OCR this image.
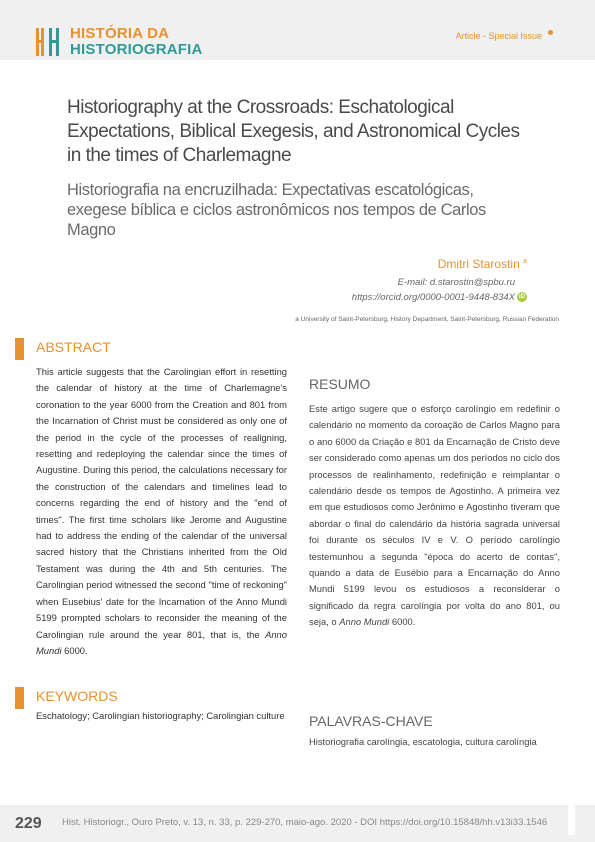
HISTÓRIA DA
HISTORIOGRAFIA
Article - Special Issue
Historiography at the Crossroads: Eschatological Expectations, Biblical Exegesis, and Astronomical Cycles in the times of Charlemagne
Historiografia na encruzilhada: Expectativas escatológicas, exegese bíblica e ciclos astronômicos nos tempos de Carlos Magno
Dmitri Starostin $^a$
E-mail: d.starostin@spbu.ru
https://orcid.org/0000-0001-9448-834X iD
a University of Saint-Petersburg, History Department, Saint-Petersburg, Russian Federation
ABSTRACT
This article suggests that the Carolingian effort in resetting the calendar of history at the time of Charlemagne's coronation to the year 6000 from the Creation and 801 from the Incarnation of Christ must be considered as only one of the period in the cycle of the processes of realigning, resetting and redeploying the calendar since the times of Augustine. During this period, the calculations necessary for the construction of the calendars and timelines lead to concerns regarding the end of history and the "end of times". The first time scholars like Jerome and Augustine had to address the ending of the calendar of the universal sacred history that the Christians inherited from the Old Testament was during the 4th and 5th centuries. The Carolingian period witnessed the second "time of reckoning" when Eusebius' date for the Incarnation of the Anno Mundi 5199 prompted scholars to reconsider the meaning of the Carolingian rule around the year 801, that is, the Anno Mundi 6000.
RESUMO
Este artigo sugere que o esforço carolíngio em redefinir o calendário no momento da coroação de Carlos Magno para o ano 6000 da Criação e 801 da Encarnação de Cristo deve ser considerado como apenas um dos períodos no ciclo dos processos de realinhamento, redefinição e reimplantar o calendário desde os tempos de Agostinho. A primeira vez em que estudiosos como Jerônimo e Agostinho tiveram que abordar o final do calendário da história sagrada universal foi durante os séculos IV e V. O período carolíngio testemunhou a segunda "época do acerto de contas", quando a data de Eusébio para a Encarnação do Anno Mundi 5199 levou os estudiosos a reconsiderar o significado da regra carolíngia por volta do ano 801, ou seja, o Anno Mundi 6000.
KEYWORDS
Eschatology; Carolingian historiography; Carolingian culture PALAVRAS-CHAVE
Historiografia carolíngia, escatologia, cultura carolíngia
229 Hist. Historiogr., Ouro Preto, v. 13, n. 33, p. 229-270, maio-ago. 2020 - DOI https://doi.org/10.15848/hh.v13i33.1546
